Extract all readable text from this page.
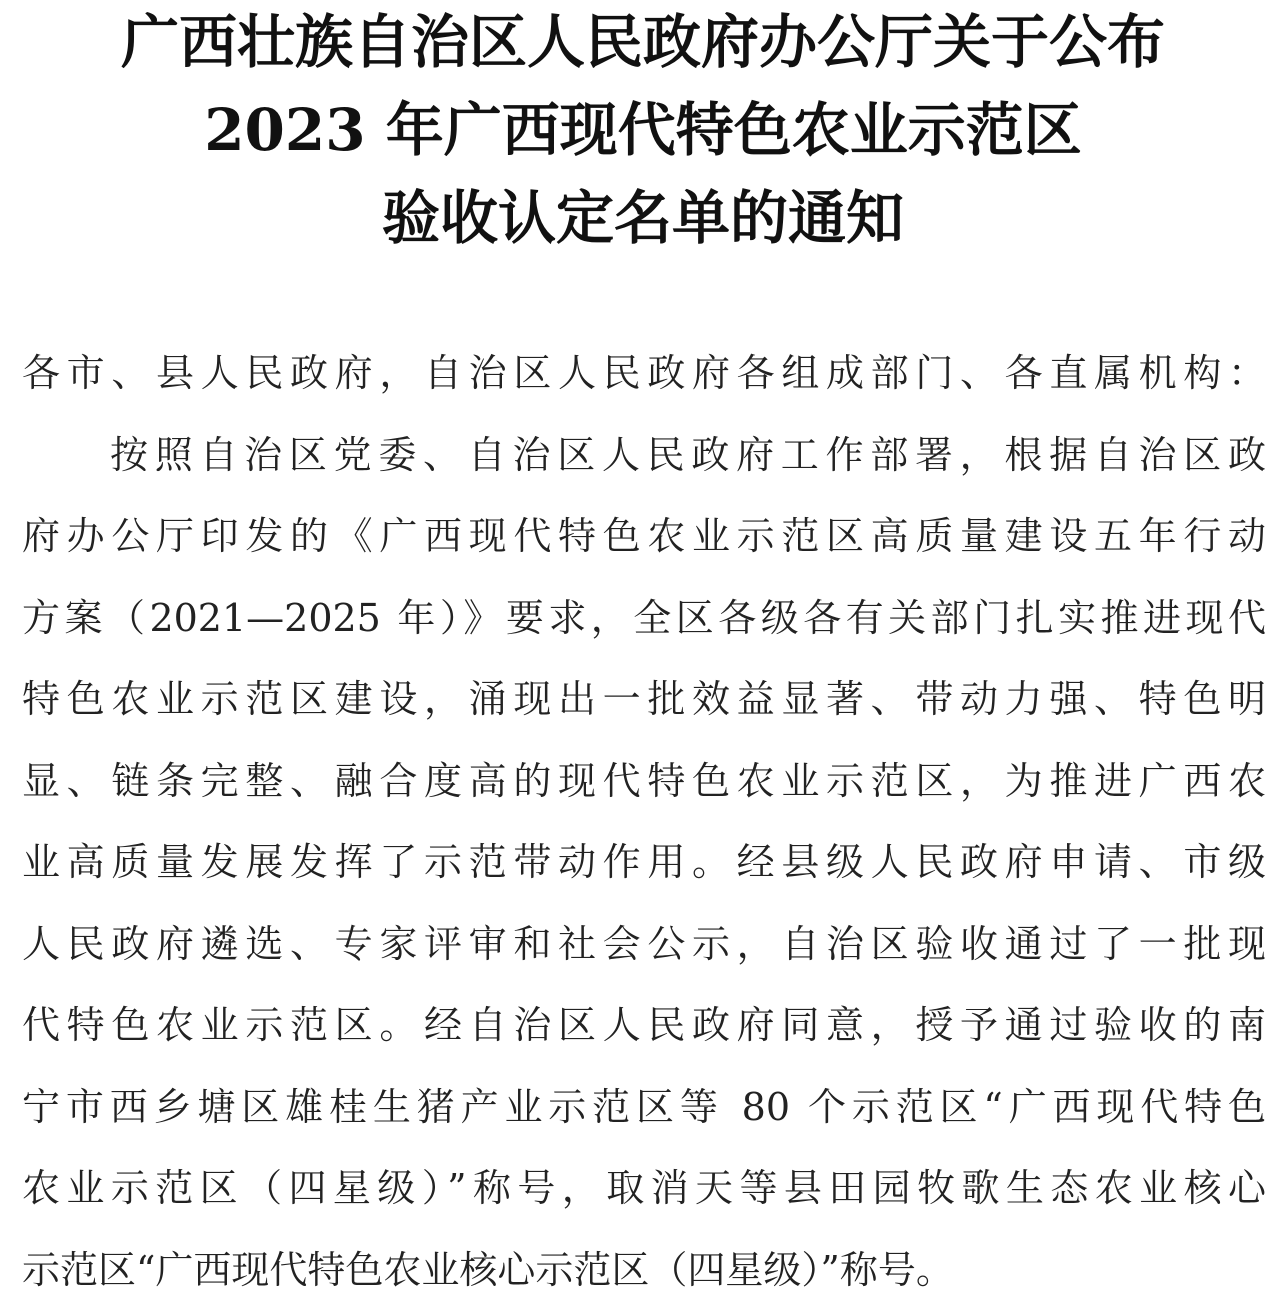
广西壮族自治区人民政府办公厅关于公布
2023 年广西现代特色农业示范区
验收认定名单的通知
各市、县人民政府，自治区人民政府各组成部门、各直属机构：
按照自治区党委、自治区人民政府工作部署，根据自治区政
府办公厅印发的《广西现代特色农业示范区高质量建设五年行动
方案（2021—2025 年）》要求，全区各级各有关部门扎实推进现代
特色农业示范区建设，涌现出一批效益显著、带动力强、特色明
显、链条完整、融合度高的现代特色农业示范区，为推进广西农
业高质量发展发挥了示范带动作用。经县级人民政府申请、市级
人民政府遴选、专家评审和社会公示，自治区验收通过了一批现
代特色农业示范区。经自治区人民政府同意，授予通过验收的南
宁市西乡塘区雄桂生猪产业示范区等 80 个示范区“广西现代特色
农业示范区（四星级）”称号，取消天等县田园牧歌生态农业核心
示范区“广西现代特色农业核心示范区（四星级）”称号。
